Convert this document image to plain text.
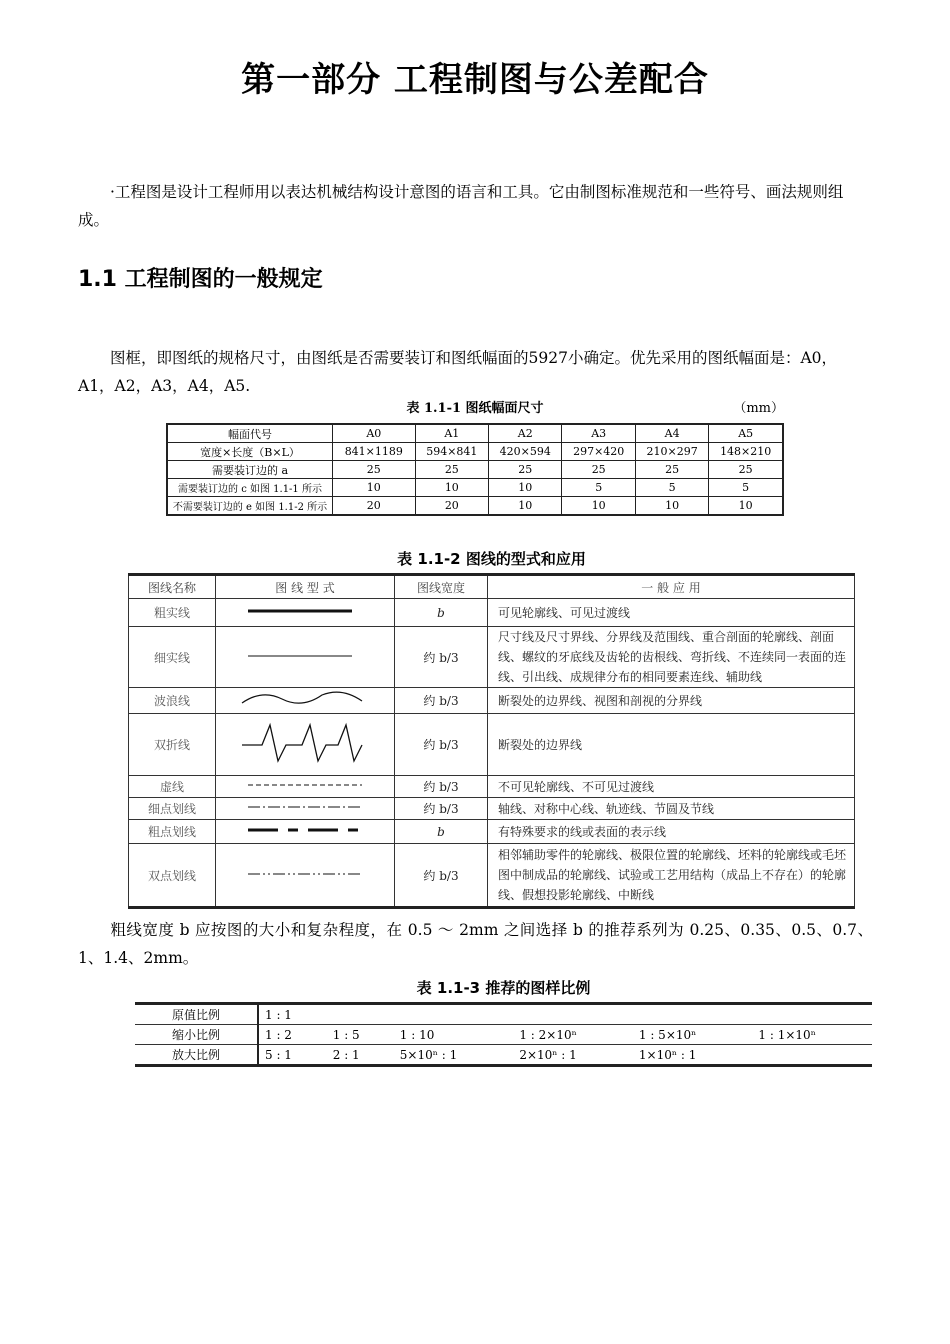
第一部分 工程制图与公差配合
·工程图是设计工程师用以表达机械结构设计意图的语言和工具。它由制图标准规范和一些符号、画法规则组成。
1.1 工程制图的一般规定
图框，即图纸的规格尺寸，由图纸是否需要装订和图纸幅面的5927小确定。优先采用的图纸幅面是：A0，A1，A2，A3，A4，A5.
表 1.1-1 图纸幅面尺寸	（mm）
幅面代号	A0	A1	A2	A3	A4	A5
宽度×长度（B×L）	841×1189	594×841	420×594	297×420	210×297	148×210
需要装订边的 a	25	25	25	25	25	25
需要装订边的 c 如图 1.1-1 所示	10	10	10	5	5	5
不需要装订边的 e 如图 1.1-2 所示	20	20	10	10	10	10
表 1.1-2 图线的型式和应用
图线名称	图 线 型 式	图线宽度	一 般 应 用
粗实线		b	可见轮廓线、可见过渡线
细实线		约 b/3	尺寸线及尺寸界线、分界线及范围线、重合剖面的轮廓线、剖面线、螺纹的牙底线及齿轮的齿根线、弯折线、不连续同一表面的连线、引出线、成规律分布的相同要素连线、辅助线
波浪线		约 b/3	断裂处的边界线、视图和剖视的分界线
双折线		约 b/3	断裂处的边界线
虚线		约 b/3	不可见轮廓线、不可见过渡线
细点划线		约 b/3	轴线、对称中心线、轨迹线、节圆及节线
粗点划线		b	有特殊要求的线或表面的表示线
双点划线		约 b/3	相邻辅助零件的轮廓线、极限位置的轮廓线、坯料的轮廓线或毛坯图中制成品的轮廓线、试验或工艺用结构（成品上不存在）的轮廓线、假想投影轮廓线、中断线
粗线宽度 b 应按图的大小和复杂程度，在 0.5 ～ 2mm 之间选择 b 的推荐系列为 0.25、0.35、0.5、0.7、1、1.4、2mm。
表 1.1-3 推荐的图样比例
原值比例	1 : 1					
缩小比例	1 : 2	1 : 5	1 : 10	1 : 2×10ⁿ	1 : 5×10ⁿ	1 : 1×10ⁿ
放大比例	5 : 1	2 : 1	5×10ⁿ : 1	2×10ⁿ : 1	1×10ⁿ : 1	
